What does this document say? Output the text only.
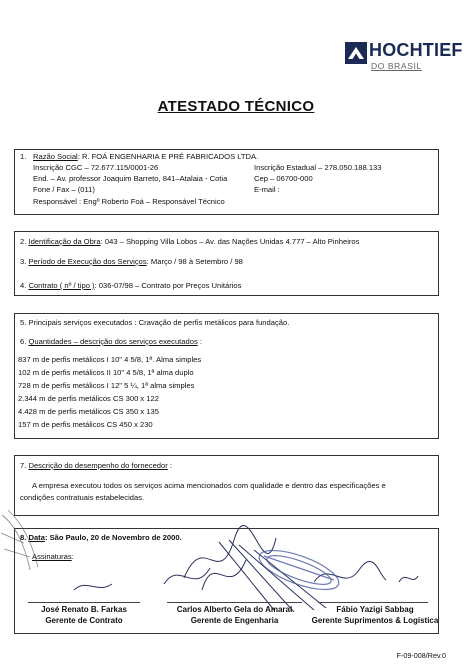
HOCHTIEF
DO BRASIL
ATESTADO TÉCNICO
1. Razão Social: R. FOÁ ENGENHARIA E PRÉ FABRICADOS LTDA.
Inscrição CGC – 72.677.115/0001-26	Inscrição Estadual – 278.050.188.133
End. – Av. professor Joaquim Barreto, 841–Atalaia - Cotia	Cep – 06700-000
Fone / Fax – (011)	E-mail :
Responsável : Engº Roberto Foá – Responsável Técnico
2. Identificação da Obra: 043 – Shopping Villa Lobos – Av. das Nações Unidas 4.777 – Alto Pinheiros
3. Período de Execução dos Serviços: Março / 98 à Setembro / 98
4. Contrato ( nº / tipo ): 036-07/98 – Contrato por Preços Unitários
5. Principais serviços executados : Cravação de perfis metálicos para fundação.
6. Quantidades – descrição dos serviços executados :
837 m de perfis metálicos I 10" 4 5/8, 1ª. Alma simples
102 m de perfis metálicos II 10" 4 5/8, 1ª alma duplo
728 m de perfis metálicos I 12" 5 ¼, 1ª alma simples
2.344 m de perfis metálicos CS 300 x 122
4.428 m de perfis metálicos CS 350 x 135
157 m de perfis metálicos CS 450 x 230
7. Descrição do desempenho do fornecedor :
A empresa executou todos os serviços acima mencionados com qualidade e dentro das especificações e
condições contratuais estabelecidas.
8. Data: São Paulo, 20 de Novembro de 2000.
Assinaturas:
José Renato B. Farkas
Gerente de Contrato
Carlos Alberto Gela do Amaral
Gerente de Engenharia
Fábio Yazigi Sabbag
Gerente Suprimentos & Logística
F-09-008/Rev.0
